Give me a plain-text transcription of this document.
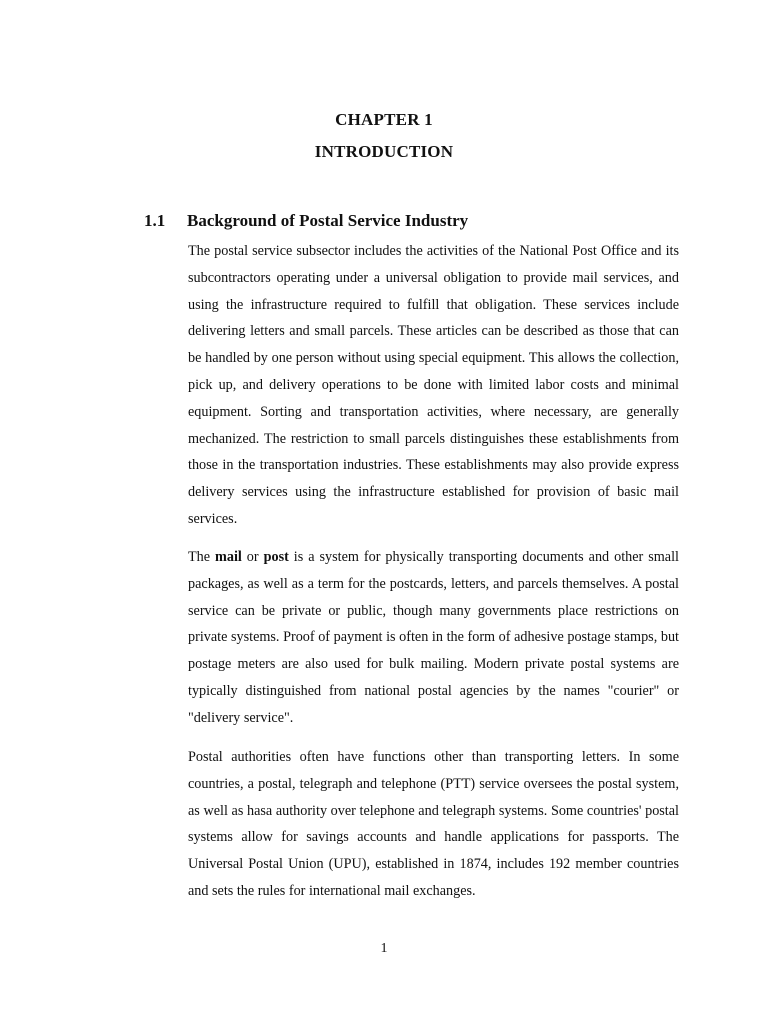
CHAPTER 1
INTRODUCTION
1.1 Background of Postal Service Industry

The postal service subsector includes the activities of the National Post Office and its subcontractors operating under a universal obligation to provide mail services, and using the infrastructure required to fulfill that obligation. These services include delivering letters and small parcels. These articles can be described as those that can be handled by one person without using special equipment. This allows the collection, pick up, and delivery operations to be done with limited labor costs and minimal equipment. Sorting and transportation activities, where necessary, are generally mechanized. The restriction to small parcels distinguishes these establishments from those in the transportation industries. These establishments may also provide express delivery services using the infrastructure established for provision of basic mail services.

The mail or post is a system for physically transporting documents and other small packages, as well as a term for the postcards, letters, and parcels themselves. A postal service can be private or public, though many governments place restrictions on private systems. Proof of payment is often in the form of adhesive postage stamps, but postage meters are also used for bulk mailing. Modern private postal systems are typically distinguished from national postal agencies by the names "courier" or "delivery service".

Postal authorities often have functions other than transporting letters. In some countries, a postal, telegraph and telephone (PTT) service oversees the postal system, as well as hasa authority over telephone and telegraph systems. Some countries' postal systems allow for savings accounts and handle applications for passports. The Universal Postal Union (UPU), established in 1874, includes 192 member countries and sets the rules for international mail exchanges.

1
